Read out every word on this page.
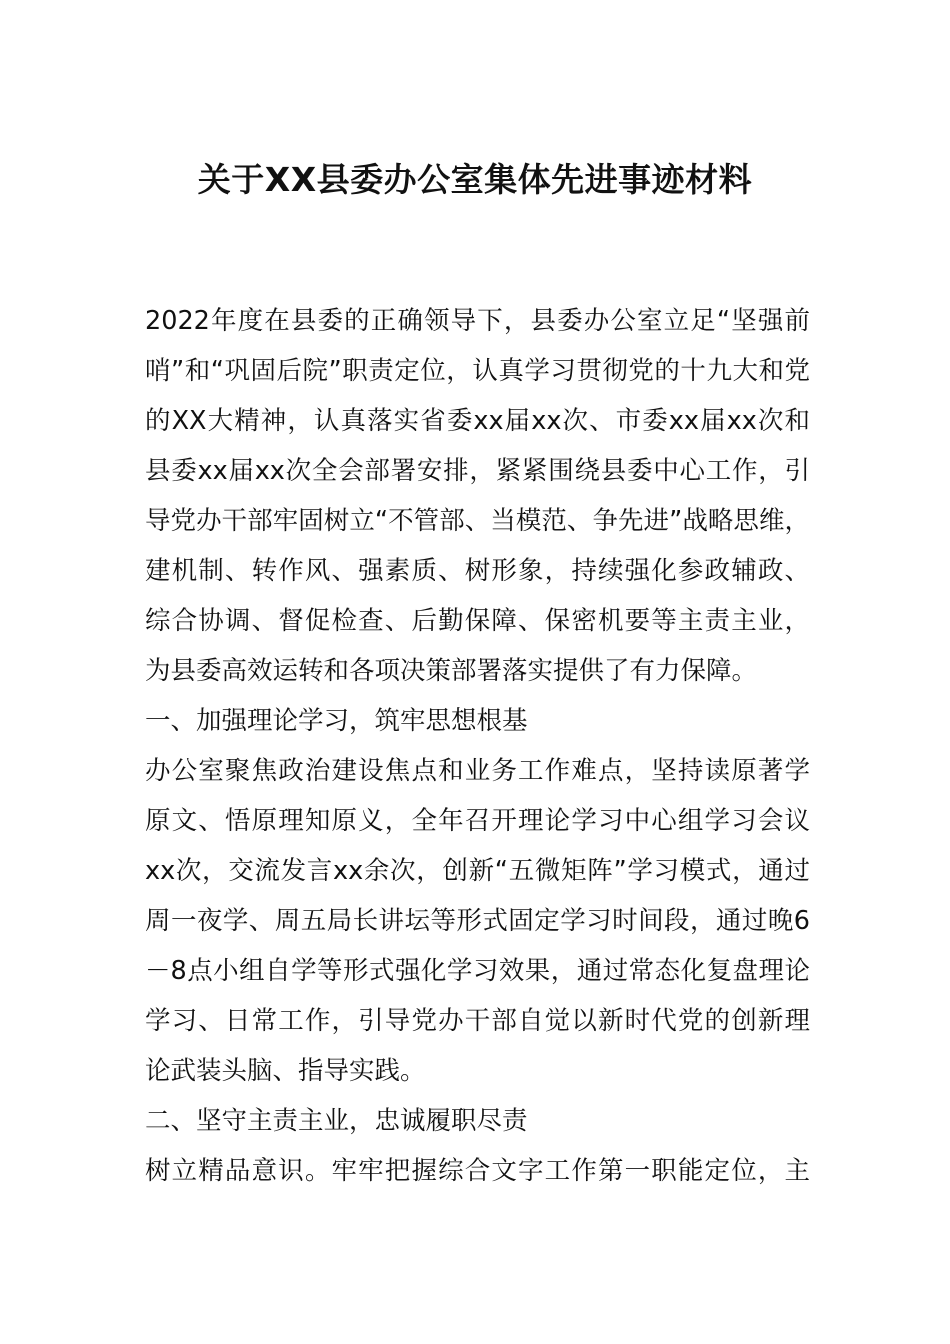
关于XX县委办公室集体先进事迹材料
2022年度在县委的正确领导下，县委办公室立足“坚强前
哨”和“巩固后院”职责定位，认真学习贯彻党的十九大和党
的XX大精神，认真落实省委xx届xx次、市委xx届xx次和
县委xx届xx次全会部署安排，紧紧围绕县委中心工作，引
导党办干部牢固树立“不管部、当模范、争先进”战略思维，
建机制、转作风、强素质、树形象，持续强化参政辅政、
综合协调、督促检查、后勤保障、保密机要等主责主业，
为县委高效运转和各项决策部署落实提供了有力保障。
一、加强理论学习，筑牢思想根基
办公室聚焦政治建设焦点和业务工作难点，坚持读原著学
原文、悟原理知原义，全年召开理论学习中心组学习会议
xx次，交流发言xx余次，创新“五微矩阵”学习模式，通过
周一夜学、周五局长讲坛等形式固定学习时间段，通过晚6
－8点小组自学等形式强化学习效果，通过常态化复盘理论
学习、日常工作，引导党办干部自觉以新时代党的创新理
论武装头脑、指导实践。
二、坚守主责主业，忠诚履职尽责
树立精品意识。牢牢把握综合文字工作第一职能定位，主
